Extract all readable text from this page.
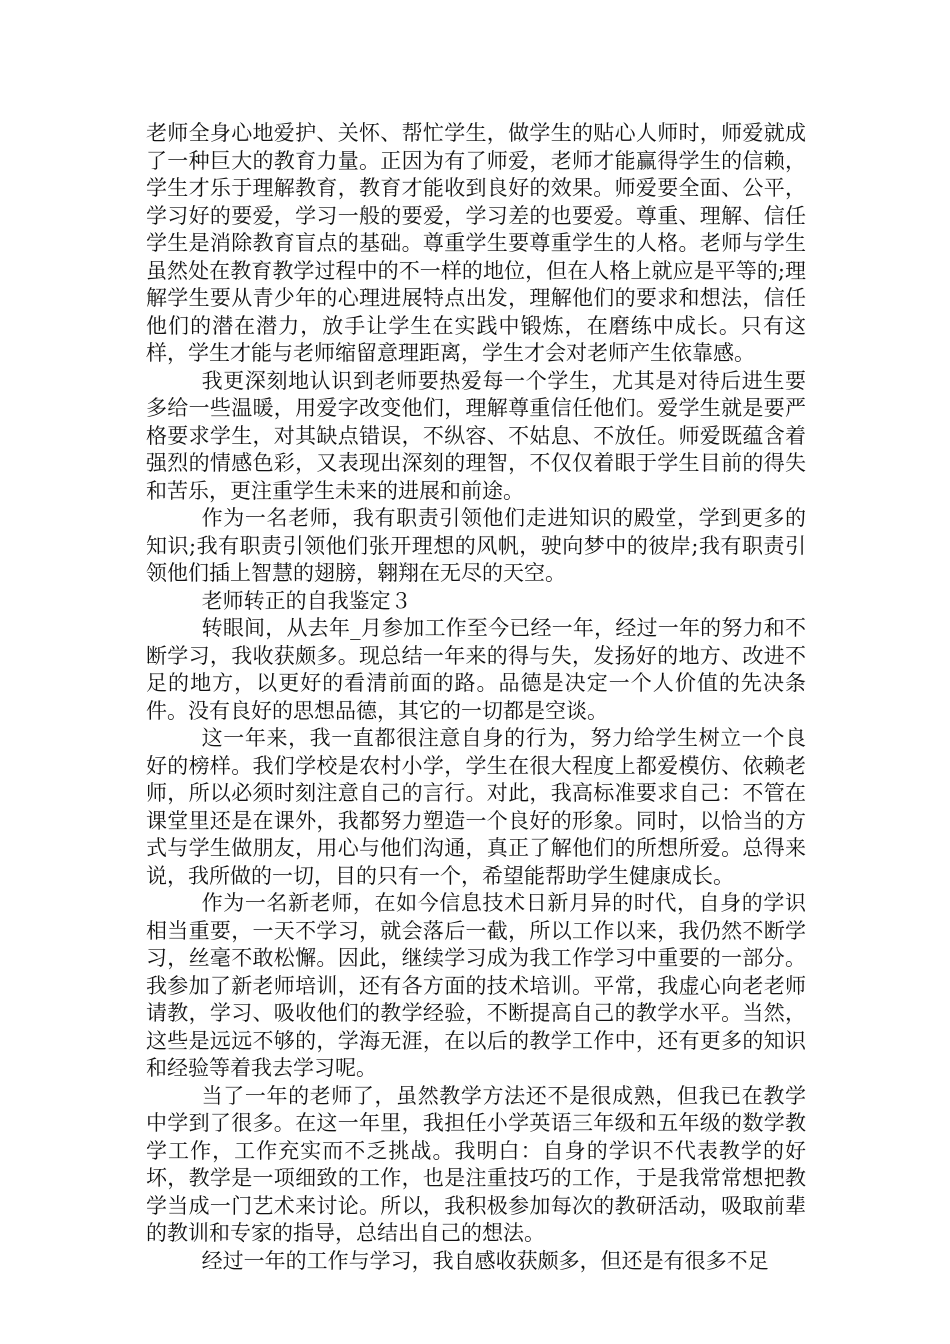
老师全身心地爱护、关怀、帮忙学生，做学生的贴心人师时，师爱就成了一种巨大的教育力量。正因为有了师爱，老师才能赢得学生的信赖，学生才乐于理解教育，教育才能收到良好的效果。师爱要全面、公平，学习好的要爱，学习一般的要爱，学习差的也要爱。尊重、理解、信任学生是消除教育盲点的基础。尊重学生要尊重学生的人格。老师与学生虽然处在教育教学过程中的不一样的地位，但在人格上就应是平等的;理解学生要从青少年的心理进展特点出发，理解他们的要求和想法，信任他们的潜在潜力，放手让学生在实践中锻炼，在磨练中成长。只有这样，学生才能与老师缩留意理距离，学生才会对老师产生依靠感。

我更深刻地认识到老师要热爱每一个学生，尤其是对待后进生要多给一些温暖，用爱字改变他们，理解尊重信任他们。爱学生就是要严格要求学生，对其缺点错误，不纵容、不姑息、不放任。师爱既蕴含着强烈的情感色彩，又表现出深刻的理智，不仅仅着眼于学生目前的得失和苦乐，更注重学生未来的进展和前途。

作为一名老师，我有职责引领他们走进知识的殿堂，学到更多的知识;我有职责引领他们张开理想的风帆，驶向梦中的彼岸;我有职责引领他们插上智慧的翅膀，翱翔在无尽的天空。

老师转正的自我鉴定３

转眼间，从去年_月参加工作至今已经一年，经过一年的努力和不断学习，我收获颇多。现总结一年来的得与失，发扬好的地方、改进不足的地方，以更好的看清前面的路。品德是决定一个人价值的先决条件。没有良好的思想品德，其它的一切都是空谈。

这一年来，我一直都很注意自身的行为，努力给学生树立一个良好的榜样。我们学校是农村小学，学生在很大程度上都爱模仿、依赖老师，所以必须时刻注意自己的言行。对此，我高标准要求自己：不管在课堂里还是在课外，我都努力塑造一个良好的形象。同时，以恰当的方式与学生做朋友，用心与他们沟通，真正了解他们的所想所爱。总得来说，我所做的一切，目的只有一个，希望能帮助学生健康成长。

作为一名新老师，在如今信息技术日新月异的时代，自身的学识相当重要，一天不学习，就会落后一截，所以工作以来，我仍然不断学习，丝毫不敢松懈。因此，继续学习成为我工作学习中重要的一部分。我参加了新老师培训，还有各方面的技术培训。平常，我虚心向老老师请教，学习、吸收他们的教学经验，不断提高自己的教学水平。当然，这些是远远不够的，学海无涯，在以后的教学工作中，还有更多的知识和经验等着我去学习呢。

当了一年的老师了，虽然教学方法还不是很成熟，但我已在教学中学到了很多。在这一年里，我担任小学英语三年级和五年级的数学教学工作，工作充实而不乏挑战。我明白：自身的学识不代表教学的好坏，教学是一项细致的工作，也是注重技巧的工作，于是我常常想把教学当成一门艺术来讨论。所以，我积极参加每次的教研活动，吸取前辈的教训和专家的指导，总结出自己的想法。

经过一年的工作与学习，我自感收获颇多，但还是有很多不足
